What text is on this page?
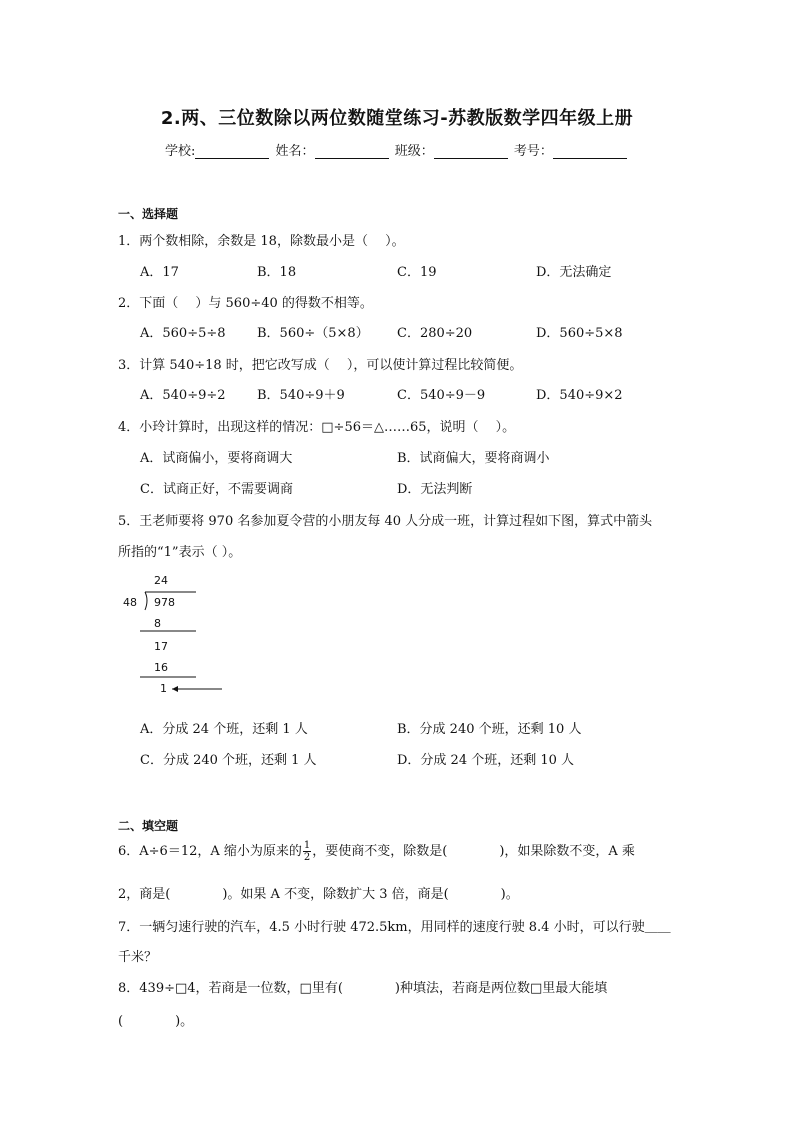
2.两、三位数除以两位数随堂练习-苏教版数学四年级上册
学校:	姓名：	班级：	考号：
一、选择题
1．两个数相除，余数是 18，除数最小是（　 ）。
A．17	B．18	C．19	D．无法确定
2．下面（　 ）与 560÷40 的得数不相等。
A．560÷5÷8 B．560÷（5×8） C．280÷20	D．560÷5×8
3．计算 540÷18 时，把它改写成（　 ），可以使计算过程比较简便。
A．540÷9÷2 B．540÷9＋9	C．540÷9－9	D．540÷9×2
4．小玲计算时，出现这样的情况：□÷56＝△……65，说明（　 ）。
A．试商偏小，要将商调大	B．试商偏大，要将商调小
C．试商正好，不需要调商	D．无法判断
5．王老师要将 970 名参加夏令营的小朋友每 40 人分成一班，计算过程如下图，算式中箭头
所指的“1”表示（ ）。
24
48 978
8
17
16
1
A．分成 24 个班，还剩 1 人	B．分成 240 个班，还剩 10 人
C．分成 240 个班，还剩 1 人	D．分成 24 个班，还剩 10 人
二、填空题
6．A÷6＝12，A 缩小为原来的 $\frac{1}{2}$ ，要使商不变，除数是(　　　　)，如果除数不变，A 乘
2，商是(　　　　)。如果 A 不变，除数扩大 3 倍，商是(　　　　)。
7．一辆匀速行驶的汽车，4.5 小时行驶 472.5km，用同样的速度行驶 8.4 小时，可以行驶＿＿
千米？
8．439÷□4，若商是一位数，□里有(　　　　)种填法，若商是两位数□里最大能填
(　　　　)。
